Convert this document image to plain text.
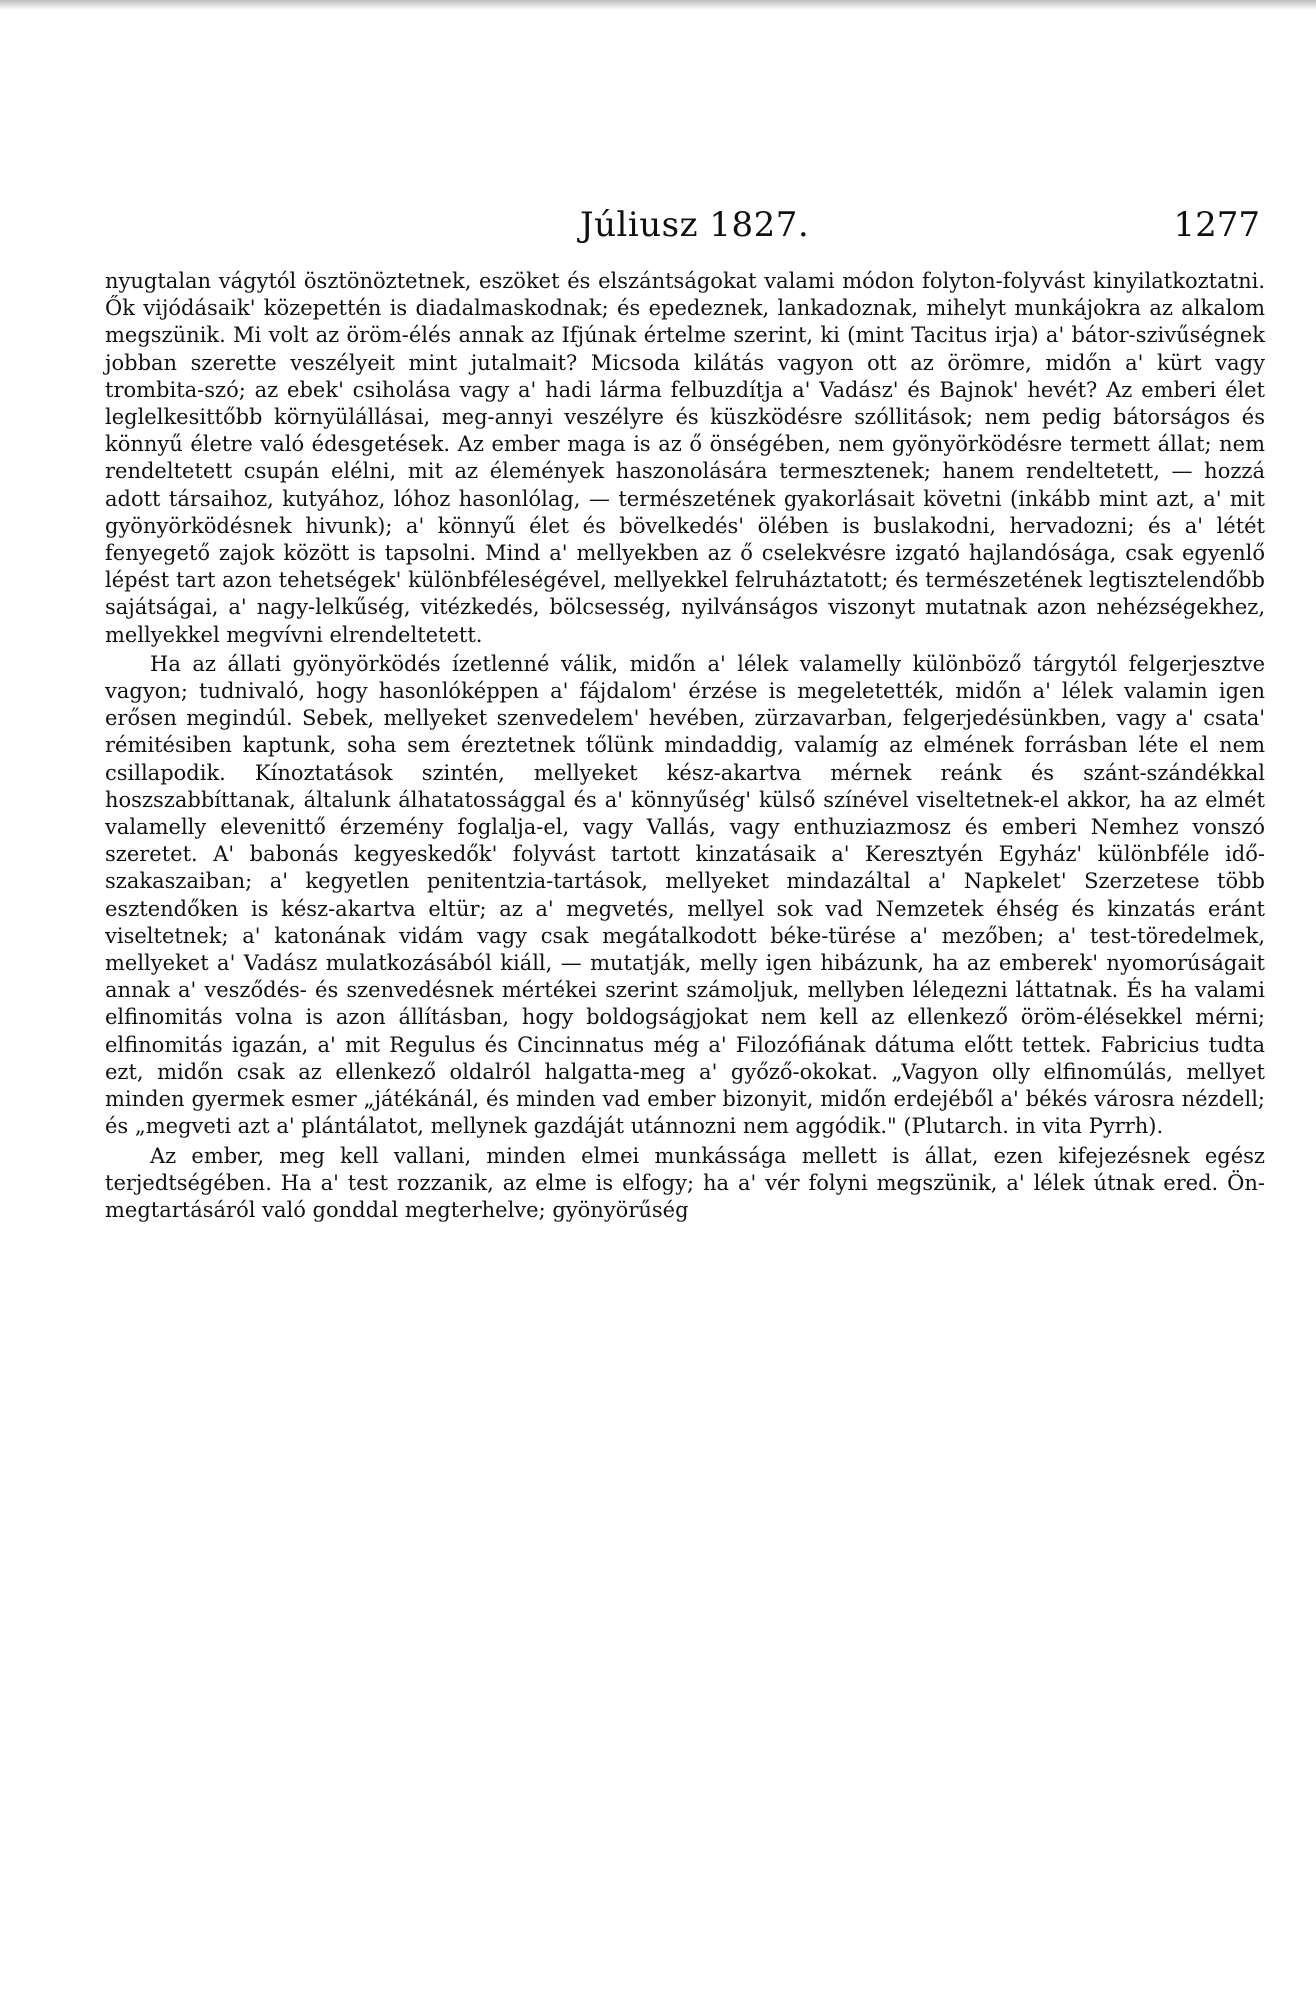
Júliusz 1827.	1277

nyugtalan vágytól ösztönöztetnek, eszöket és elszántságokat valami módon folyton-folyvást kinyilatkoztatni. Ők vijódásaik' közepettén is diadalmaskodnak; és epedeznek, lankadoznak, mihelyt munkájokra az alkalom megszünik. Mi volt az öröm-élés annak az Ifjúnak értelme szerint, ki (mint Tacitus irja) a' bátor-szivűségnek jobban szerette veszélyeit mint jutalmait? Micsoda kilátás vagyon ott az örömre, midőn a' kürt vagy trombita-szó; az ebek' csiholása vagy a' hadi lárma felbuzdítja a' Vadász' és Bajnok' hevét? Az emberi élet leglelkesittőbb környülállásai, meg-annyi veszélyre és küszködésre szóllitások; nem pedig bátorságos és könnyű életre való édesgetések. Az ember maga is az ő önségében, nem gyönyörködésre termett állat; nem rendeltetett csupán elélni, mit az élemények haszonolására termesztenek; hanem rendeltetett, — hozzá adott társaihoz, kutyához, lóhoz hasonlólag, — természetének gyakorlásait követni (inkább mint azt, a' mit gyönyörködésnek hivunk); a' könnyű élet és bövelkedés' ölében is buslakodni, hervadozni; és a' létét fenyegető zajok között is tapsolni. Mind a' mellyekben az ő cselekvésre izgató hajlandósága, csak egyenlő lépést tart azon tehetségek' különbféleségével, mellyekkel felruháztatott; és természetének legtisztelendőbb sajátságai, a' nagy-lelkűség, vitézkedés, bölcsesség, nyilvánságos viszonyt mutatnak azon nehézségekhez, mellyekkel megvívni elrendeltetett.

Ha az állati gyönyörködés ízetlenné válik, midőn a' lélek valamelly különböző tárgytól felgerjesztve vagyon; tudnivaló, hogy hasonlóképpen a' fájdalom' érzése is megeletették, midőn a' lélek valamin igen erősen megindúl. Sebek, mellyeket szenvedelem' hevében, zürzavarban, felgerjedésünkben, vagy a' csata' rémitésiben kaptunk, soha sem éreztetnek tőlünk mindaddig, valamíg az elmének forrásban léte el nem csillapodik. Kínoztatások szintén, mellyeket kész-akartva mérnek reánk és szánt-szándékkal hoszszabbíttanak, általunk álhatatossággal és a' könnyűség' külső színével viseltetnek-el akkor, ha az elmét valamelly elevenittő érzemény foglalja-el, vagy Vallás, vagy enthuziazmosz és emberi Nemhez vonszó szeretet. A' babonás kegyeskedők' folyvást tartott kinzatásaik a' Keresztyén Egyház' különbféle idő-szakaszaiban; a' kegyetlen penitentzia-tartások, mellyeket mindazáltal a' Napkelet' Szerzetese több esztendőken is kész-akartva eltür; az a' megvetés, mellyel sok vad Nemzetek éhség és kinzatás eránt viseltetnek; a' katonának vidám vagy csak megátalkodott béke-türése a' mezőben; a' test-töredelmek, mellyeket a' Vadász mulatkozásából kiáll, — mutatják, melly igen hibázunk, ha az emberek' nyomorúságait annak a' vesződés- és szenvedésnek mértékei szerint számoljuk, mellyben lélедezni láttatnak. És ha valami elfinomitás volna is azon állításban, hogy boldogságjokat nem kell az ellenkező öröm-élésekkel mérni; elfinomitás igazán, a' mit Regulus és Cincinnatus még a' Filozófiának dátuma előtt tettek. Fabricius tudta ezt, midőn csak az ellenkező oldalról halgatta-meg a' győző-okokat. „Vagyon olly elfinomúlás, mellyet minden gyermek esmer „játékánál, és minden vad ember bizonyit, midőn erdejéből a' békés városra nézdell; és „megveti azt a' plántálatot, mellynek gazdáját utánnozni nem aggódik." (Plutarch. in vita Pyrrh).

Az ember, meg kell vallani, minden elmei munkássága mellett is állat, ezen kifejezésnek egész terjedtségében. Ha a' test rozzanik, az elme is elfogy; ha a' vér folyni megszünik, a' lélek útnak ered. Ön-megtartásáról való gonddal megterhelve; gyönyörűség
